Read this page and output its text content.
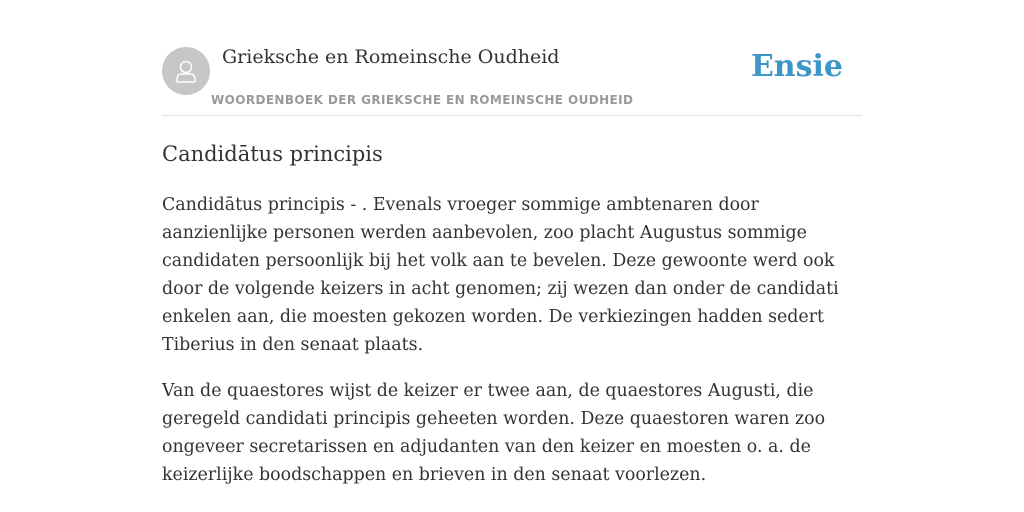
Grieksche en Romeinsche Oudheid
WOORDENBOEK DER GRIEKSCHE EN ROMEINSCHE OUDHEID
Ensie
Candidātus principis

Candidātus principis - . Evenals vroeger sommige ambtenaren door aanzienlijke personen werden aanbevolen, zoo placht Augustus sommige candidaten persoonlijk bij het volk aan te bevelen. Deze gewoonte werd ook door de volgende keizers in acht genomen; zij wezen dan onder de candidati enkelen aan, die moesten gekozen worden. De verkiezingen hadden sedert Tiberius in den senaat plaats.

Van de quaestores wijst de keizer er twee aan, de quaestores Augusti, die geregeld candidati principis geheeten worden. Deze quaestoren waren zoo ongeveer secretarissen en adjudanten van den keizer en moesten o. a. de keizerlijke boodschappen en brieven in den senaat voorlezen.
